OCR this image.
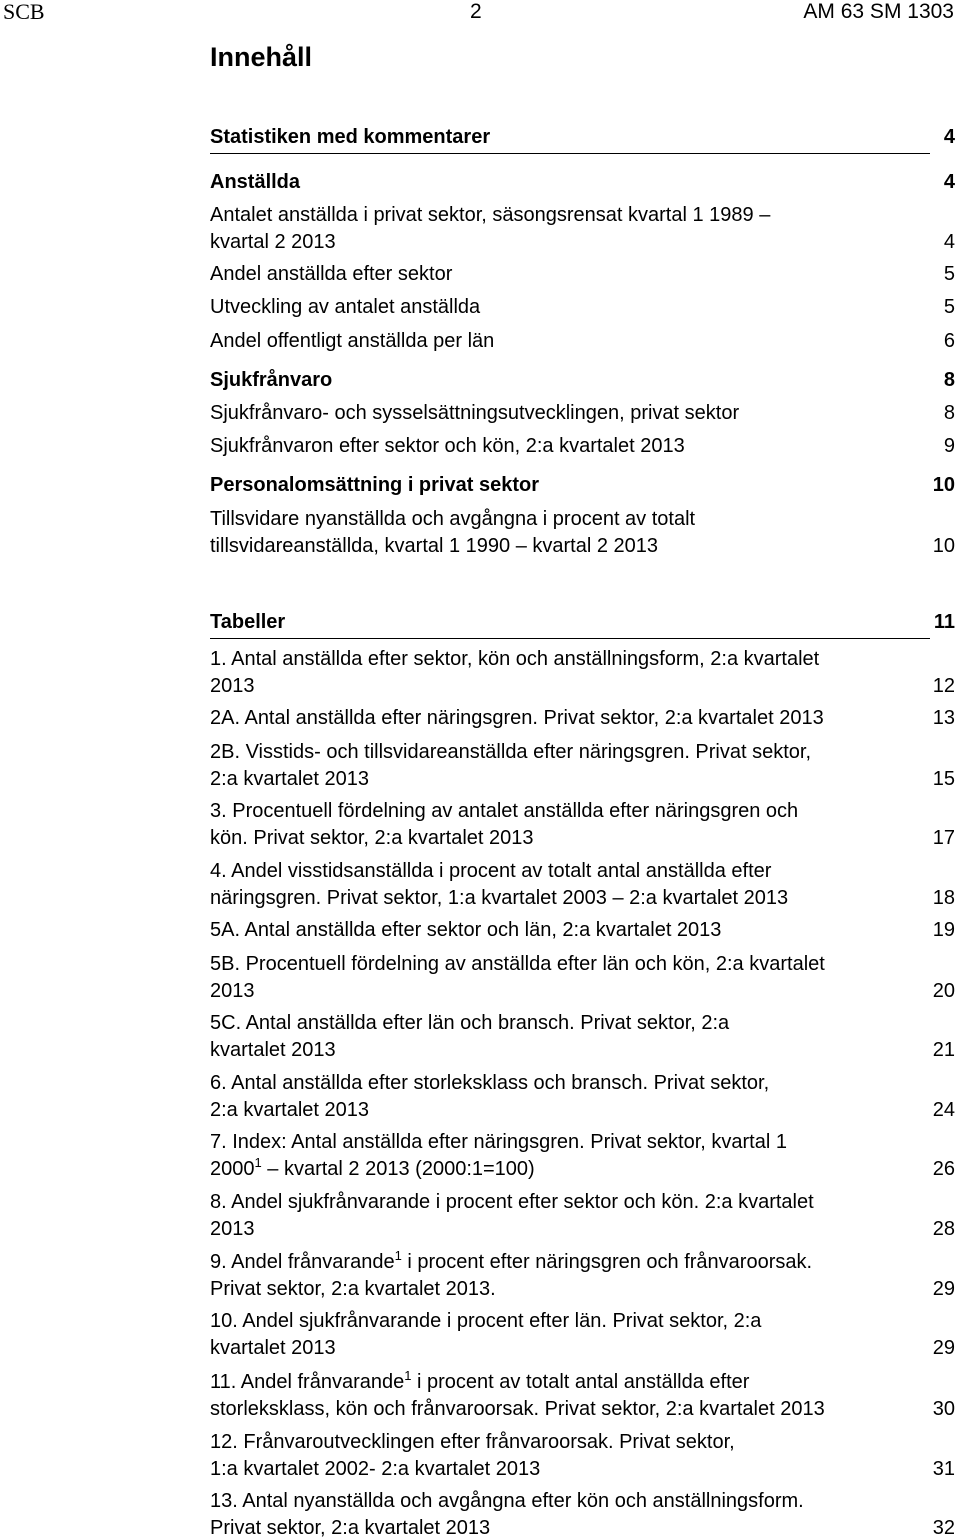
SCB	2	AM 63 SM 1303
Innehåll
Statistiken med kommentarer	4
Anställda	4
Antalet anställda i privat sektor, säsongsrensat kvartal 1 1989 –
kvartal 2 2013	4
Andel anställda efter sektor	5
Utveckling av antalet anställda	5
Andel offentligt anställda per län	6
Sjukfrånvaro	8
Sjukfrånvaro- och sysselsättningsutvecklingen, privat sektor	8
Sjukfrånvaron efter sektor och kön, 2:a kvartalet 2013	9
Personalomsättning i privat sektor	10
Tillsvidare nyanställda och avgångna i procent av totalt
tillsvidareanställda, kvartal 1 1990 – kvartal 2 2013	10
Tabeller	11
1. Antal anställda efter sektor, kön och anställningsform, 2:a kvartalet
2013	12
2A. Antal anställda efter näringsgren. Privat sektor, 2:a kvartalet 2013	13
2B. Visstids- och tillsvidareanställda efter näringsgren. Privat sektor,
2:a kvartalet 2013	15
3. Procentuell fördelning av antalet anställda efter näringsgren och
kön. Privat sektor, 2:a kvartalet 2013	17
4. Andel visstidsanställda i procent av totalt antal anställda efter
näringsgren. Privat sektor, 1:a kvartalet 2003 – 2:a kvartalet 2013	18
5A. Antal anställda efter sektor och län, 2:a kvartalet 2013	19
5B. Procentuell fördelning av anställda efter län och kön, 2:a kvartalet
2013	20
5C. Antal anställda efter län och bransch. Privat sektor, 2:a
kvartalet 2013	21
6. Antal anställda efter storleksklass och bransch. Privat sektor,
2:a kvartalet 2013	24
7. Index: Antal anställda efter näringsgren. Privat sektor, kvartal 1
2000$^1$ – kvartal 2 2013 (2000:1=100)	26
8. Andel sjukfrånvarande i procent efter sektor och kön. 2:a kvartalet
2013	28
9. Andel frånvarande$^1$ i procent efter näringsgren och frånvaroorsak.
Privat sektor, 2:a kvartalet 2013.	29
10. Andel sjukfrånvarande i procent efter län. Privat sektor, 2:a
kvartalet 2013	29
11. Andel frånvarande$^1$ i procent av totalt antal anställda efter
storleksklass, kön och frånvaroorsak. Privat sektor, 2:a kvartalet 2013	30
12. Frånvaroutvecklingen efter frånvaroorsak. Privat sektor,
1:a kvartalet 2002- 2:a kvartalet 2013	31
13. Antal nyanställda och avgångna efter kön och anställningsform.
Privat sektor, 2:a kvartalet 2013	32
